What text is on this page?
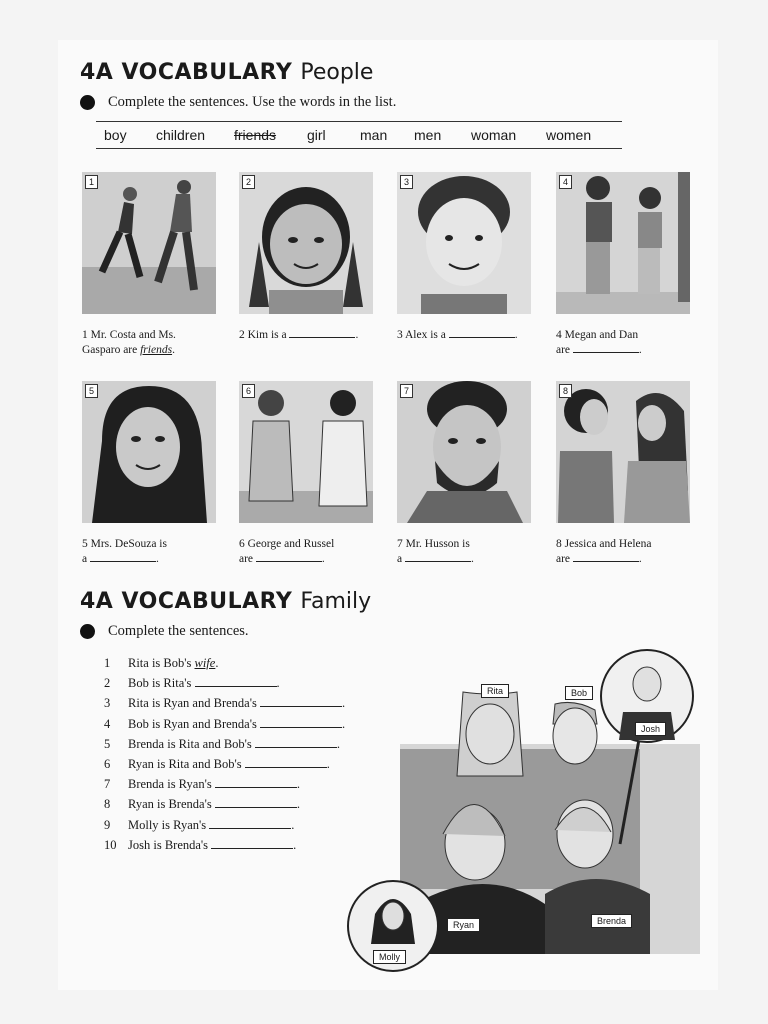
4A VOCABULARY People
Complete the sentences. Use the words in the list.
boy children friends girl man men woman women
1	2	3	4
1 Mr. Costa and Ms.
Gasparo are friends.
2 Kim is a	.	3 Alex is a	.	4 Megan and Dan
are	.
5	6	7	8
5 Mrs. DeSouza is
a	.
6 George and Russel
are	.
7 Mr. Husson is
a	.
8 Jessica and Helena
are	.
4A VOCABULARY Family
Complete the sentences.
1 Rita is Bob's wife.
2 Bob is Rita's	.
3 Rita is Ryan and Brenda's	.
4 Bob is Ryan and Brenda's	.
5 Brenda is Rita and Bob's	.
6 Ryan is Rita and Bob's	.
7 Brenda is Ryan's	.
8 Ryan is Brenda's	.
9 Molly is Ryan's	.
10 Josh is Brenda's	.
Rita	Bob
Josh
Ryan	Brenda
Molly
